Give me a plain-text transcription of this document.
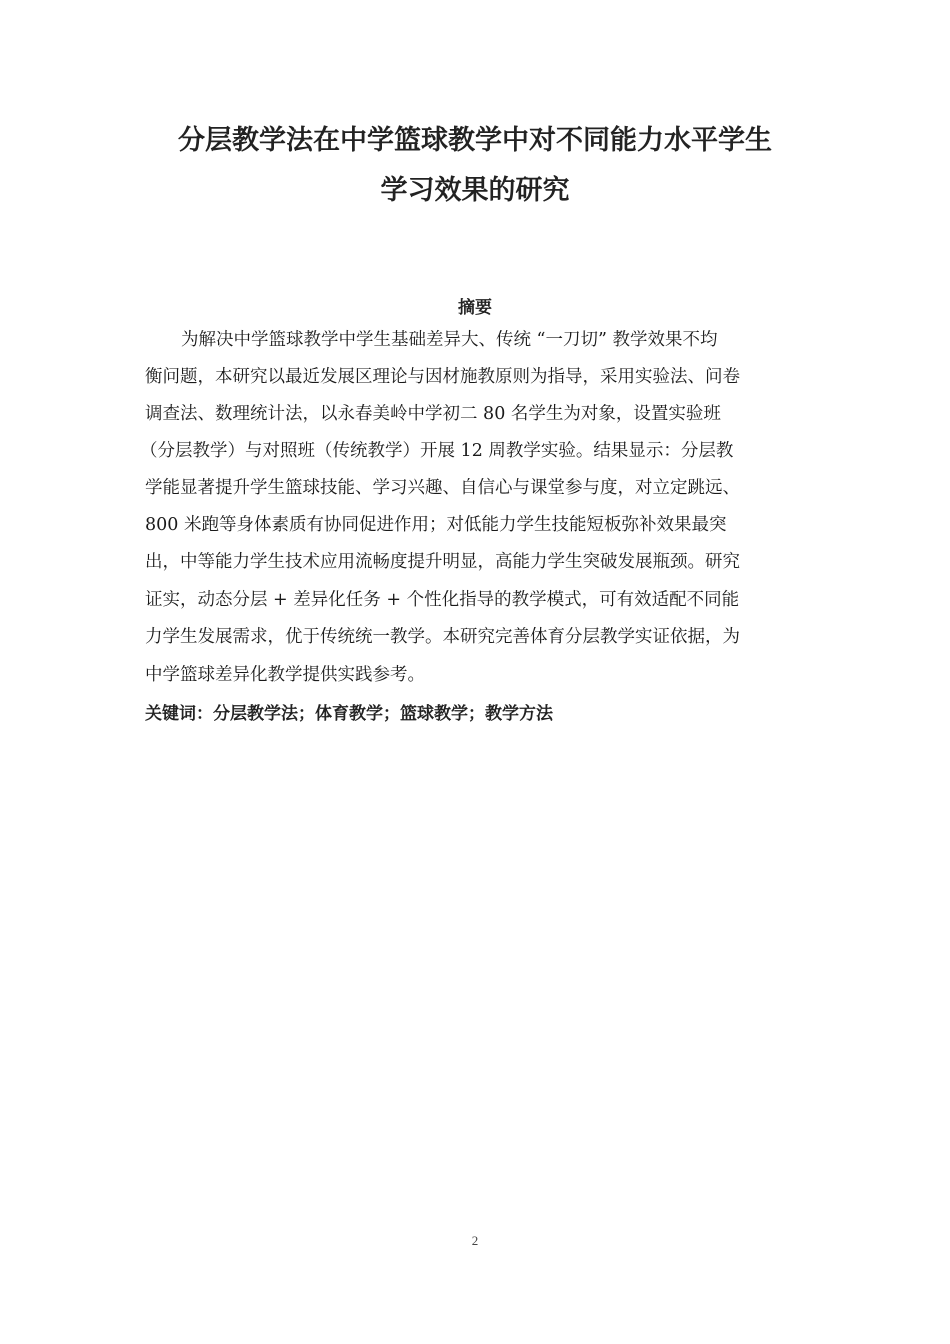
分层教学法在中学篮球教学中对不同能力水平学生
学习效果的研究
摘要
为解决中学篮球教学中学生基础差异大、传统 “一刀切” 教学效果不均
衡问题，本研究以最近发展区理论与因材施教原则为指导，采用实验法、问卷
调查法、数理统计法，以永春美岭中学初二 80 名学生为对象，设置实验班
（分层教学）与对照班（传统教学）开展 12 周教学实验。结果显示：分层教
学能显著提升学生篮球技能、学习兴趣、自信心与课堂参与度，对立定跳远、
800 米跑等身体素质有协同促进作用；对低能力学生技能短板弥补效果最突
出，中等能力学生技术应用流畅度提升明显，高能力学生突破发展瓶颈。研究
证实，动态分层 + 差异化任务 + 个性化指导的教学模式，可有效适配不同能
力学生发展需求，优于传统统一教学。本研究完善体育分层教学实证依据，为
中学篮球差异化教学提供实践参考。
关键词：分层教学法；体育教学；篮球教学；教学方法
2
